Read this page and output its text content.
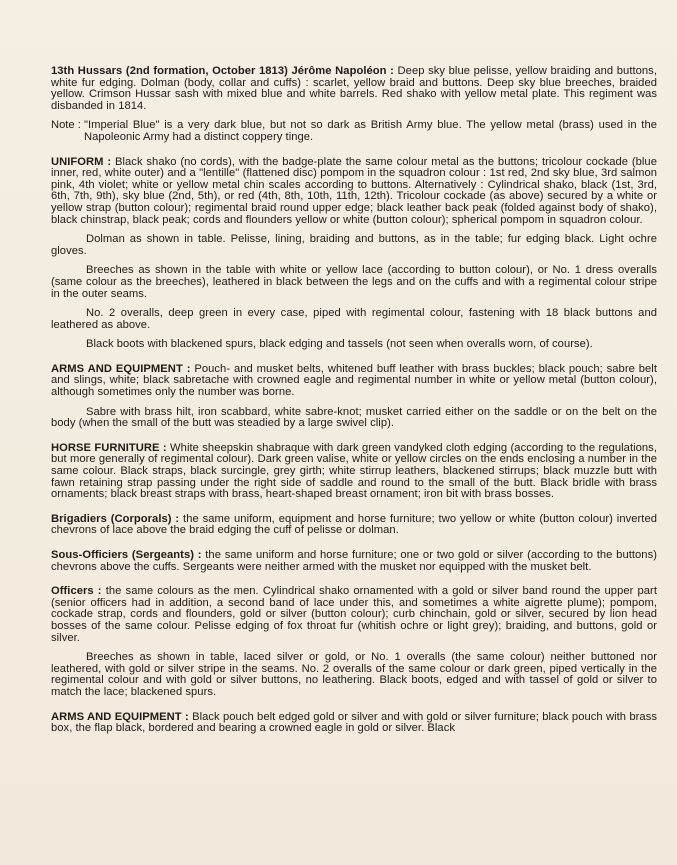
13th Hussars (2nd formation, October 1813) Jérôme Napoléon : Deep sky blue pelisse, yellow braiding and buttons, white fur edging. Dolman (body, collar and cuffs) : scarlet, yellow braid and buttons. Deep sky blue breeches, braided yellow. Crimson Hussar sash with mixed blue and white barrels. Red shako with yellow metal plate. This regiment was disbanded in 1814.

Note : "Imperial Blue" is a very dark blue, but not so dark as British Army blue. The yellow metal (brass) used in the Napoleonic Army had a distinct coppery tinge.

UNIFORM : Black shako (no cords), with the badge-plate the same colour metal as the buttons; tricolour cockade (blue inner, red, white outer) and a "lentille" (flattened disc) pompom in the squadron colour : 1st red, 2nd sky blue, 3rd salmon pink, 4th violet; white or yellow metal chin scales according to buttons. Alternatively : Cylindrical shako, black (1st, 3rd, 6th, 7th, 9th), sky blue (2nd, 5th), or red (4th, 8th, 10th, 11th, 12th). Tricolour cockade (as above) secured by a white or yellow strap (button colour); regimental braid round upper edge; black leather back peak (folded against body of shako), black chinstrap, black peak; cords and flounders yellow or white (button colour); spherical pompom in squadron colour.

Dolman as shown in table. Pelisse, lining, braiding and buttons, as in the table; fur edging black. Light ochre gloves.

Breeches as shown in the table with white or yellow lace (according to button colour), or No. 1 dress overalls (same colour as the breeches), leathered in black between the legs and on the cuffs and with a regimental colour stripe in the outer seams.

No. 2 overalls, deep green in every case, piped with regimental colour, fastening with 18 black buttons and leathered as above.

Black boots with blackened spurs, black edging and tassels (not seen when overalls worn, of course).

ARMS AND EQUIPMENT : Pouch- and musket belts, whitened buff leather with brass buckles; black pouch; sabre belt and slings, white; black sabretache with crowned eagle and regimental number in white or yellow metal (button colour), although sometimes only the number was borne.

Sabre with brass hilt, iron scabbard, white sabre-knot; musket carried either on the saddle or on the belt on the body (when the small of the butt was steadied by a large swivel clip).

HORSE FURNITURE : White sheepskin shabraque with dark green vandyked cloth edging (according to the regulations, but more generally of regimental colour). Dark green valise, white or yellow circles on the ends enclosing a number in the same colour. Black straps, black surcingle, grey girth; white stirrup leathers, blackened stirrups; black muzzle butt with fawn retaining strap passing under the right side of saddle and round to the small of the butt. Black bridle with brass ornaments; black breast straps with brass, heart-shaped breast ornament; iron bit with brass bosses.

Brigadiers (Corporals) : the same uniform, equipment and horse furniture; two yellow or white (button colour) inverted chevrons of lace above the braid edging the cuff of pelisse or dolman.

Sous-Officiers (Sergeants) : the same uniform and horse furniture; one or two gold or silver (according to the buttons) chevrons above the cuffs. Sergeants were neither armed with the musket nor equipped with the musket belt.

Officers : the same colours as the men. Cylindrical shako ornamented with a gold or silver band round the upper part (senior officers had in addition, a second band of lace under this, and sometimes a white aigrette plume); pompom, cockade strap, cords and flounders, gold or silver (button colour); curb chinchain, gold or silver, secured by lion head bosses of the same colour. Pelisse edging of fox throat fur (whitish ochre or light grey); braiding, and buttons, gold or silver.

Breeches as shown in table, laced silver or gold, or No. 1 overalls (the same colour) neither buttoned nor leathered, with gold or silver stripe in the seams. No. 2 overalls of the same colour or dark green, piped vertically in the regimental colour and with gold or silver buttons, no leathering. Black boots, edged and with tassel of gold or silver to match the lace; blackened spurs.

ARMS AND EQUIPMENT : Black pouch belt edged gold or silver and with gold or silver furniture; black pouch with brass box, the flap black, bordered and bearing a crowned eagle in gold or silver. Black
